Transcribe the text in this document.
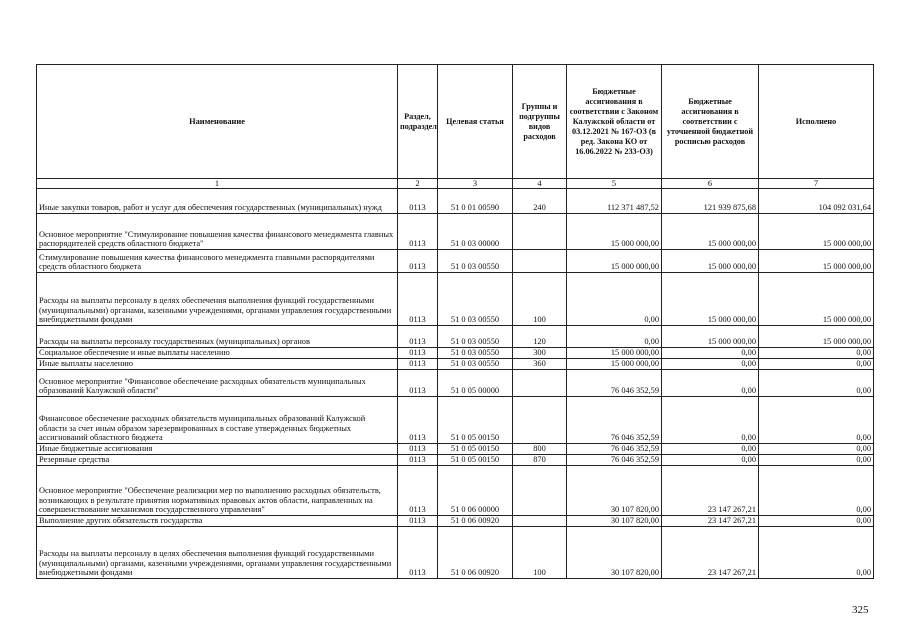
Наименование	Раздел, подраздел	Целевая статья	Группы и подгруппы видов расходов	Бюджетные ассигнования в соответствии с Законом Калужской области от 03.12.2021 № 167-ОЗ (в ред. Закона КО от 16.06.2022 № 233-ОЗ)	Бюджетные ассигнования в соответствии с уточненной бюджетной росписью расходов	Исполнено
1	2	3	4	5	6	7
Иные закупки товаров, работ и услуг для обеспечения государственных (муниципальных) нужд	0113	51 0 01 00590	240	112 371 487,52	121 939 875,68	104 092 031,64
Основное мероприятие "Стимулирование повышения качества финансового менеджмента главных распорядителей средств областного бюджета"	0113	51 0 03 00000		15 000 000,00	15 000 000,00	15 000 000,00
Стимулирование повышения качества финансового менеджмента главными распорядителями средств областного бюджета	0113	51 0 03 00550		15 000 000,00	15 000 000,00	15 000 000,00
Расходы на выплаты персоналу в целях обеспечения выполнения функций государственными (муниципальными) органами, казенными учреждениями, органами управления государственными внебюджетными фондами	0113	51 0 03 00550	100	0,00	15 000 000,00	15 000 000,00
Расходы на выплаты персоналу государственных (муниципальных) органов	0113	51 0 03 00550	120	0,00	15 000 000,00	15 000 000,00
Социальное обеспечение и иные выплаты населению	0113	51 0 03 00550	300	15 000 000,00	0,00	0,00
Иные выплаты населению	0113	51 0 03 00550	360	15 000 000,00	0,00	0,00
Основное мероприятие "Финансовое обеспечение расходных обязательств муниципальных образований Калужской области"	0113	51 0 05 00000		76 046 352,59	0,00	0,00
Финансовое обеспечение расходных обязательств муниципальных образований Калужской области за счет иным образом зарезервированных в составе утвержденных бюджетных ассигнований областного бюджета	0113	51 0 05 00150		76 046 352,59	0,00	0,00
Иные бюджетные ассигнования	0113	51 0 05 00150	800	76 046 352,59	0,00	0,00
Резервные средства	0113	51 0 05 00150	870	76 046 352,59	0,00	0,00
Основное мероприятие "Обеспечение реализации мер по выполнению расходных обязательств, возникающих в результате принятия нормативных правовых актов области, направленных на совершенствование механизмов государственного управления"	0113	51 0 06 00000		30 107 820,00	23 147 267,21	0,00
Выполнение других обязательств государства	0113	51 0 06 00920		30 107 820,00	23 147 267,21	0,00
Расходы на выплаты персоналу в целях обеспечения выполнения функций государственными (муниципальными) органами, казенными учреждениями, органами управления государственными внебюджетными фондами	0113	51 0 06 00920	100	30 107 820,00	23 147 267,21	0,00
325
